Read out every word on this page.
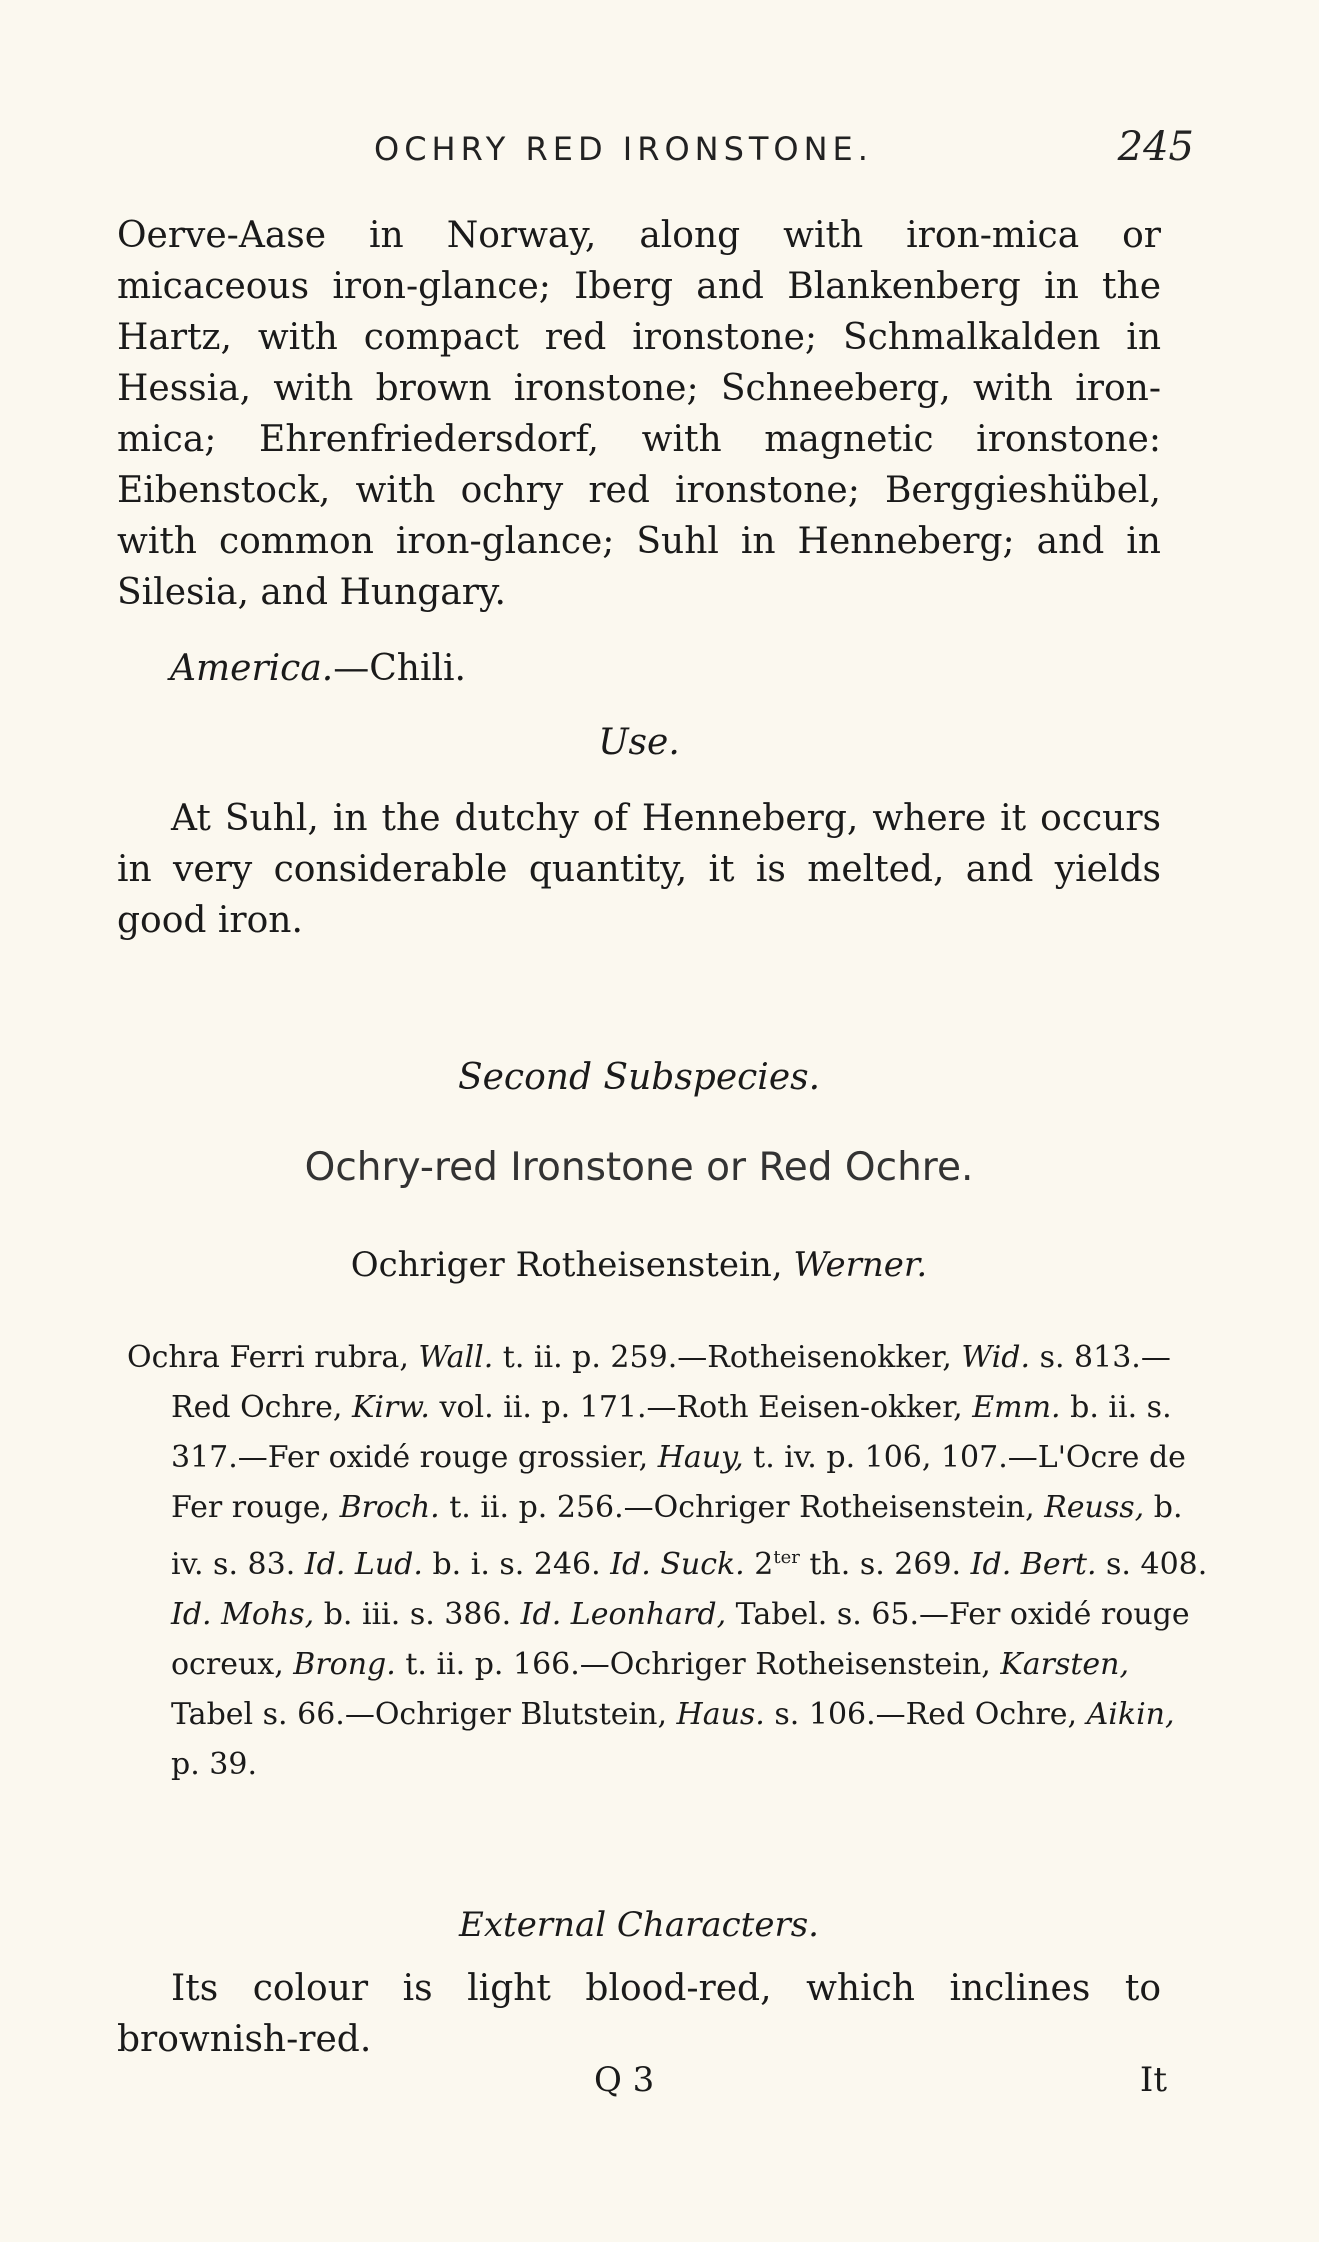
OCHRY RED IRONSTONE.	245

Oerve-Aase in Norway, along with iron-mica or micaceous iron-glance; Iberg and Blankenberg in the Hartz, with compact red ironstone; Schmalkalden in Hessia, with brown ironstone; Schneeberg, with iron-mica; Ehrenfriedersdorf, with magnetic ironstone: Eibenstock, with ochry red ironstone; Berggieshübel, with common iron-glance; Suhl in Henneberg; and in Silesia, and Hungary.

America.—Chili.
Use.

At Suhl, in the dutchy of Henneberg, where it occurs in very considerable quantity, it is melted, and yields good iron.

Second Subspecies.
Ochry-red Ironstone or Red Ochre.
Ochriger Rotheisenstein, Werner.

Ochra Ferri rubra, Wall. t. ii. p. 259.—Rotheisenokker, Wid. s. 813.—Red Ochre, Kirw. vol. ii. p. 171.—Roth Eeisen-okker, Emm. b. ii. s. 317.—Fer oxidé rouge grossier, Hauy, t. iv. p. 106, 107.—L'Ocre de Fer rouge, Broch. t. ii. p. 256.—Ochriger Rotheisenstein, Reuss, b. iv. s. 83. Id. Lud. b. i. s. 246. Id. Suck. $2^{ter}$ th. s. 269. Id. Bert. s. 408. Id. Mohs, b. iii. s. 386. Id. Leonhard, Tabel. s. 65.—Fer oxidé rouge ocreux, Brong. t. ii. p. 166.—Ochriger Rotheisenstein, Karsten, Tabel s. 66.—Ochriger Blutstein, Haus. s. 106.—Red Ochre, Aikin, p. 39.

External Characters.

Its colour is light blood-red, which inclines to brownish-red.

Q 3	It
